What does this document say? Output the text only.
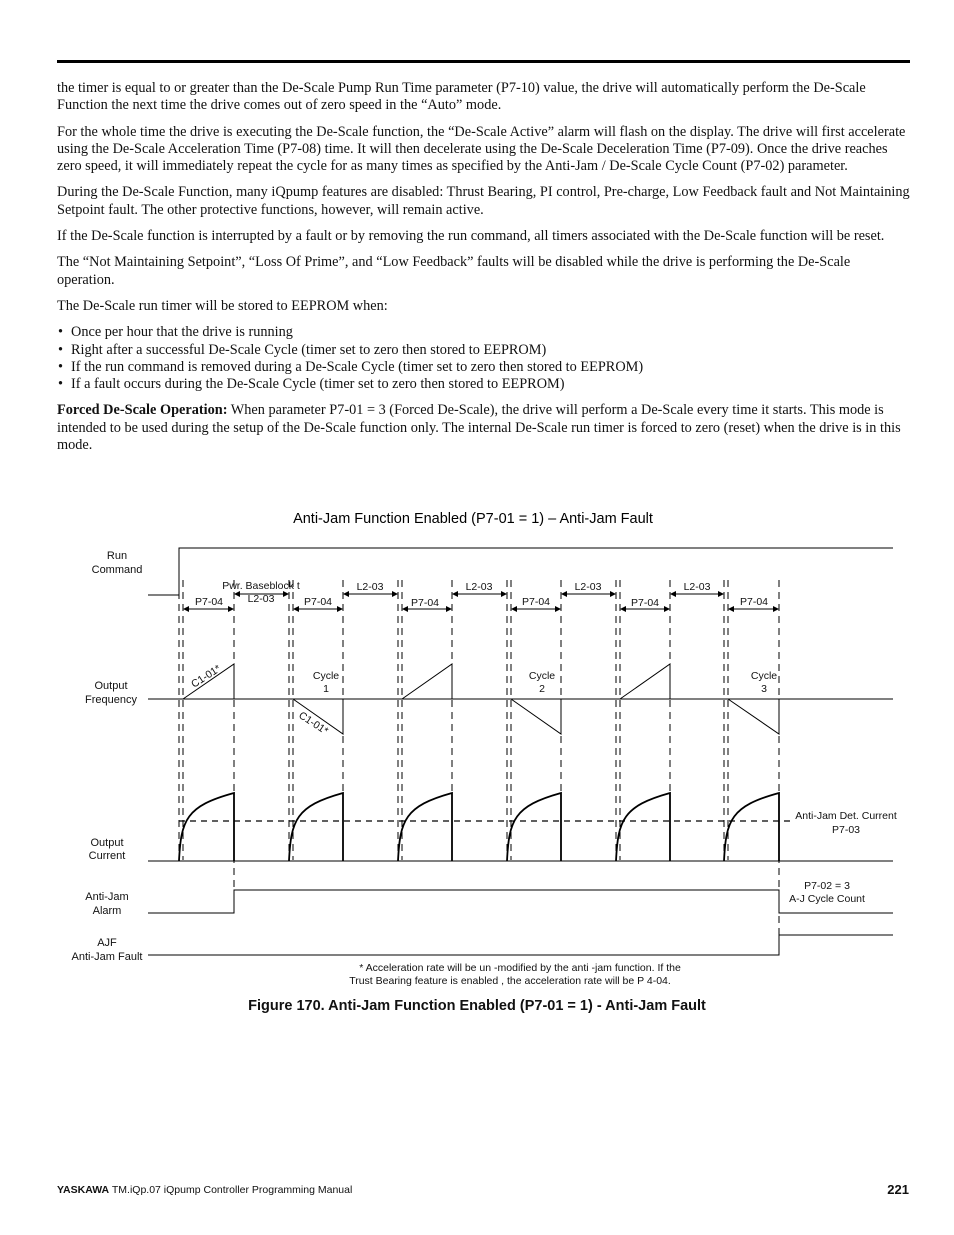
the timer is equal to or greater than the De-Scale Pump Run Time parameter (P7-10) value, the drive will automatically perform the De-Scale Function the next time the drive comes out of zero speed in the “Auto” mode.

For the whole time the drive is executing the De-Scale function, the “De-Scale Active” alarm will flash on the display. The drive will first accelerate using the De-Scale Acceleration Time (P7-08) time. It will then decelerate using the De-Scale Deceleration Time (P7-09). Once the drive reaches zero speed, it will immediately repeat the cycle for as many times as specified by the Anti-Jam / De-Scale Cycle Count (P7-02) parameter.

During the De-Scale Function, many iQpump features are disabled: Thrust Bearing, PI control, Pre-charge, Low Feedback fault and Not Maintaining Setpoint fault. The other protective functions, however, will remain active.

If the De-Scale function is interrupted by a fault or by removing the run command, all timers associated with the De-Scale function will be reset.

The “Not Maintaining Setpoint”, “Loss Of Prime”, and “Low Feedback” faults will be disabled while the drive is performing the De-Scale operation.

The De-Scale run timer will be stored to EEPROM when:

• Once per hour that the drive is running
• Right after a successful De-Scale Cycle (timer set to zero then stored to EEPROM)
• If the run command is removed during a De-Scale Cycle (timer set to zero then stored to EEPROM)
• If a fault occurs during the De-Scale Cycle (timer set to zero then stored to EEPROM)

Forced De-Scale Operation: When parameter P7-01 = 3 (Forced De-Scale), the drive will perform a De-Scale every time it starts. This mode is intended to be used during the setup of the De-Scale function only. The internal De-Scale run timer is forced to zero (reset) when the drive is in this mode.

Anti-Jam Function Enabled (P7-01 = 1) – Anti-Jam Fault
Run
Command
Output
Frequency
Output
Current
Anti-Jam
Alarm
AJF
Anti-Jam Fault
Pwr. Baseblock t
L2-03
L2-03	L2-03	L2-03	L2-03
P7-04	P7-04	P7-04	P7-04	P7-04	P7-04
C1-01*
C1-01*
Cycle
1
Cycle
2
Cycle
3
Anti-Jam Det. Current
P7-03
P7-02 = 3
A-J Cycle Count
* Acceleration rate will be un -modified by the anti -jam function. If the
Trust Bearing feature is enabled , the acceleration rate will be P 4-04.
Figure 170. Anti-Jam Function Enabled (P7-01 = 1) - Anti-Jam Fault
YASKAWA TM.iQp.07 iQpump Controller Programming Manual	221
